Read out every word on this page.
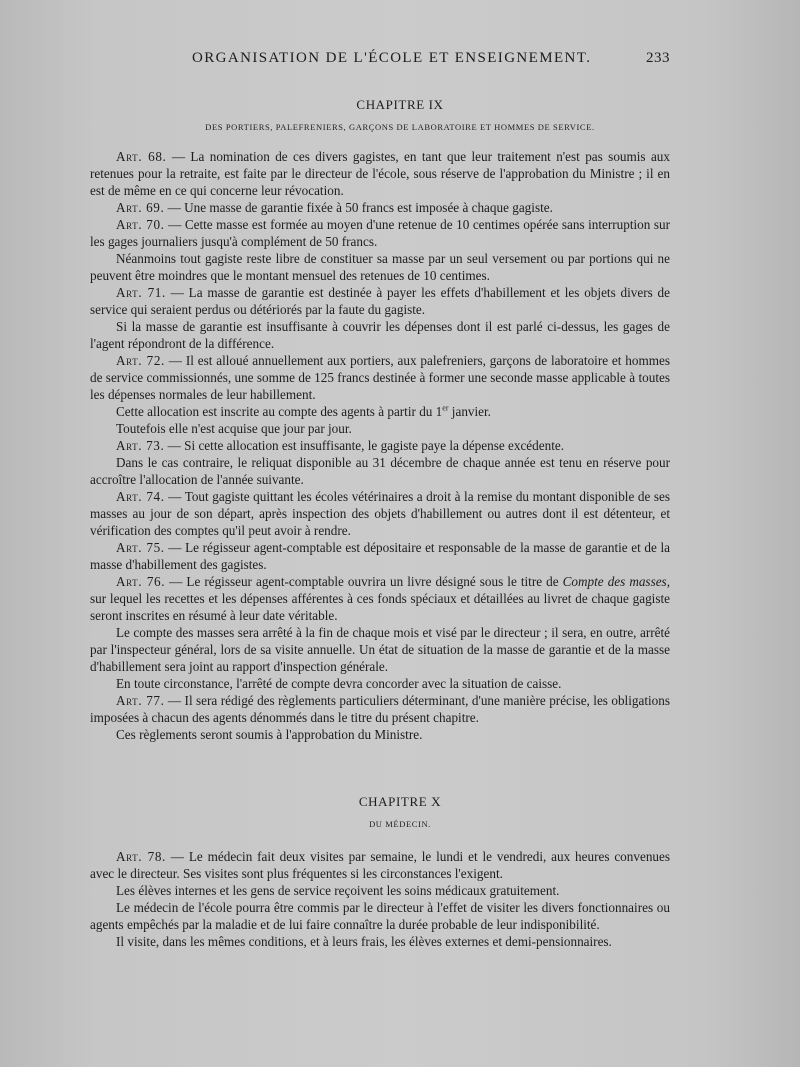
ORGANISATION DE L'ÉCOLE ET ENSEIGNEMENT.	233
CHAPITRE IX
DES PORTIERS, PALEFRENIERS, GARÇONS DE LABORATOIRE ET HOMMES DE SERVICE.

Art. 68. — La nomination de ces divers gagistes, en tant que leur traitement n'est pas soumis aux retenues pour la retraite, est faite par le directeur de l'école, sous réserve de l'approbation du Ministre ; il en est de même en ce qui concerne leur révocation.

Art. 69. — Une masse de garantie fixée à 50 francs est imposée à chaque gagiste.

Art. 70. — Cette masse est formée au moyen d'une retenue de 10 centimes opérée sans interruption sur les gages journaliers jusqu'à complément de 50 francs.

Néanmoins tout gagiste reste libre de constituer sa masse par un seul versement ou par portions qui ne peuvent être moindres que le montant mensuel des retenues de 10 centimes.

Art. 71. — La masse de garantie est destinée à payer les effets d'habillement et les objets divers de service qui seraient perdus ou détériorés par la faute du gagiste.

Si la masse de garantie est insuffisante à couvrir les dépenses dont il est parlé ci-dessus, les gages de l'agent répondront de la différence.

Art. 72. — Il est alloué annuellement aux portiers, aux palefreniers, garçons de laboratoire et hommes de service commissionnés, une somme de 125 francs destinée à former une seconde masse applicable à toutes les dépenses normales de leur habillement.

Cette allocation est inscrite au compte des agents à partir du 1er janvier.

Toutefois elle n'est acquise que jour par jour.

Art. 73. — Si cette allocation est insuffisante, le gagiste paye la dépense excédente.

Dans le cas contraire, le reliquat disponible au 31 décembre de chaque année est tenu en réserve pour accroître l'allocation de l'année suivante.

Art. 74. — Tout gagiste quittant les écoles vétérinaires a droit à la remise du montant disponible de ses masses au jour de son départ, après inspection des objets d'habillement ou autres dont il est détenteur, et vérification des comptes qu'il peut avoir à rendre.

Art. 75. — Le régisseur agent-comptable est dépositaire et responsable de la masse de garantie et de la masse d'habillement des gagistes.

Art. 76. — Le régisseur agent-comptable ouvrira un livre désigné sous le titre de Compte des masses, sur lequel les recettes et les dépenses afférentes à ces fonds spéciaux et détaillées au livret de chaque gagiste seront inscrites en résumé à leur date véritable.

Le compte des masses sera arrêté à la fin de chaque mois et visé par le directeur ; il sera, en outre, arrêté par l'inspecteur général, lors de sa visite annuelle. Un état de situation de la masse de garantie et de la masse d'habillement sera joint au rapport d'inspection générale.

En toute circonstance, l'arrêté de compte devra concorder avec la situation de caisse.

Art. 77. — Il sera rédigé des règlements particuliers déterminant, d'une manière précise, les obligations imposées à chacun des agents dénommés dans le titre du présent chapitre.

Ces règlements seront soumis à l'approbation du Ministre.

CHAPITRE X
DU MÉDECIN.

Art. 78. — Le médecin fait deux visites par semaine, le lundi et le vendredi, aux heures convenues avec le directeur. Ses visites sont plus fréquentes si les circonstances l'exigent.

Les élèves internes et les gens de service reçoivent les soins médicaux gratuitement.

Le médecin de l'école pourra être commis par le directeur à l'effet de visiter les divers fonctionnaires ou agents empêchés par la maladie et de lui faire connaître la durée probable de leur indisponibilité.

Il visite, dans les mêmes conditions, et à leurs frais, les élèves externes et demi-pensionnaires.
